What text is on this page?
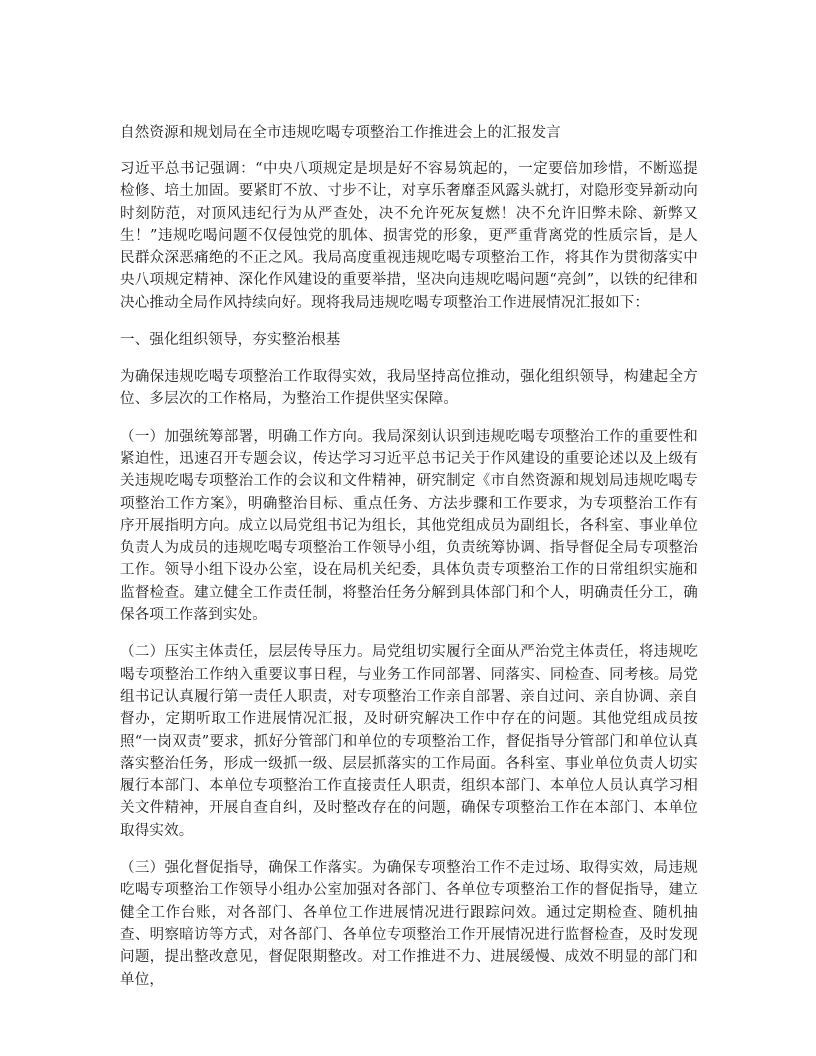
自然资源和规划局在全市违规吃喝专项整治工作推进会上的汇报发言

习近平总书记强调：“中央八项规定是坝是好不容易筑起的，一定要倍加珍惜，不断巡提检修、培土加固。要紧盯不放、寸步不让，对享乐奢靡歪风露头就打，对隐形变异新动向时刻防范，对顶风违纪行为从严查处，决不允许死灰复燃！决不允许旧弊未除、新弊又生！”违规吃喝问题不仅侵蚀党的肌体、损害党的形象，更严重背离党的性质宗旨，是人民群众深恶痛绝的不正之风。我局高度重视违规吃喝专项整治工作，将其作为贯彻落实中央八项规定精神、深化作风建设的重要举措，坚决向违规吃喝问题“亮剑”，以铁的纪律和决心推动全局作风持续向好。现将我局违规吃喝专项整治工作进展情况汇报如下：

一、强化组织领导，夯实整治根基

为确保违规吃喝专项整治工作取得实效，我局坚持高位推动，强化组织领导，构建起全方位、多层次的工作格局，为整治工作提供坚实保障。

（一）加强统筹部署，明确工作方向。我局深刻认识到违规吃喝专项整治工作的重要性和紧迫性，迅速召开专题会议，传达学习习近平总书记关于作风建设的重要论述以及上级有关违规吃喝专项整治工作的会议和文件精神，研究制定《市自然资源和规划局违规吃喝专项整治工作方案》，明确整治目标、重点任务、方法步骤和工作要求，为专项整治工作有序开展指明方向。成立以局党组书记为组长，其他党组成员为副组长，各科室、事业单位负责人为成员的违规吃喝专项整治工作领导小组，负责统筹协调、指导督促全局专项整治工作。领导小组下设办公室，设在局机关纪委，具体负责专项整治工作的日常组织实施和监督检查。建立健全工作责任制，将整治任务分解到具体部门和个人，明确责任分工，确保各项工作落到实处。

（二）压实主体责任，层层传导压力。局党组切实履行全面从严治党主体责任，将违规吃喝专项整治工作纳入重要议事日程，与业务工作同部署、同落实、同检查、同考核。局党组书记认真履行第一责任人职责，对专项整治工作亲自部署、亲自过问、亲自协调、亲自督办，定期听取工作进展情况汇报，及时研究解决工作中存在的问题。其他党组成员按照“一岗双责”要求，抓好分管部门和单位的专项整治工作，督促指导分管部门和单位认真落实整治任务，形成一级抓一级、层层抓落实的工作局面。各科室、事业单位负责人切实履行本部门、本单位专项整治工作直接责任人职责，组织本部门、本单位人员认真学习相关文件精神，开展自查自纠，及时整改存在的问题，确保专项整治工作在本部门、本单位取得实效。

（三）强化督促指导，确保工作落实。为确保专项整治工作不走过场、取得实效，局违规吃喝专项整治工作领导小组办公室加强对各部门、各单位专项整治工作的督促指导，建立健全工作台账，对各部门、各单位工作进展情况进行跟踪问效。通过定期检查、随机抽查、明察暗访等方式，对各部门、各单位专项整治工作开展情况进行监督检查，及时发现问题，提出整改意见，督促限期整改。对工作推进不力、进展缓慢、成效不明显的部门和单位，
